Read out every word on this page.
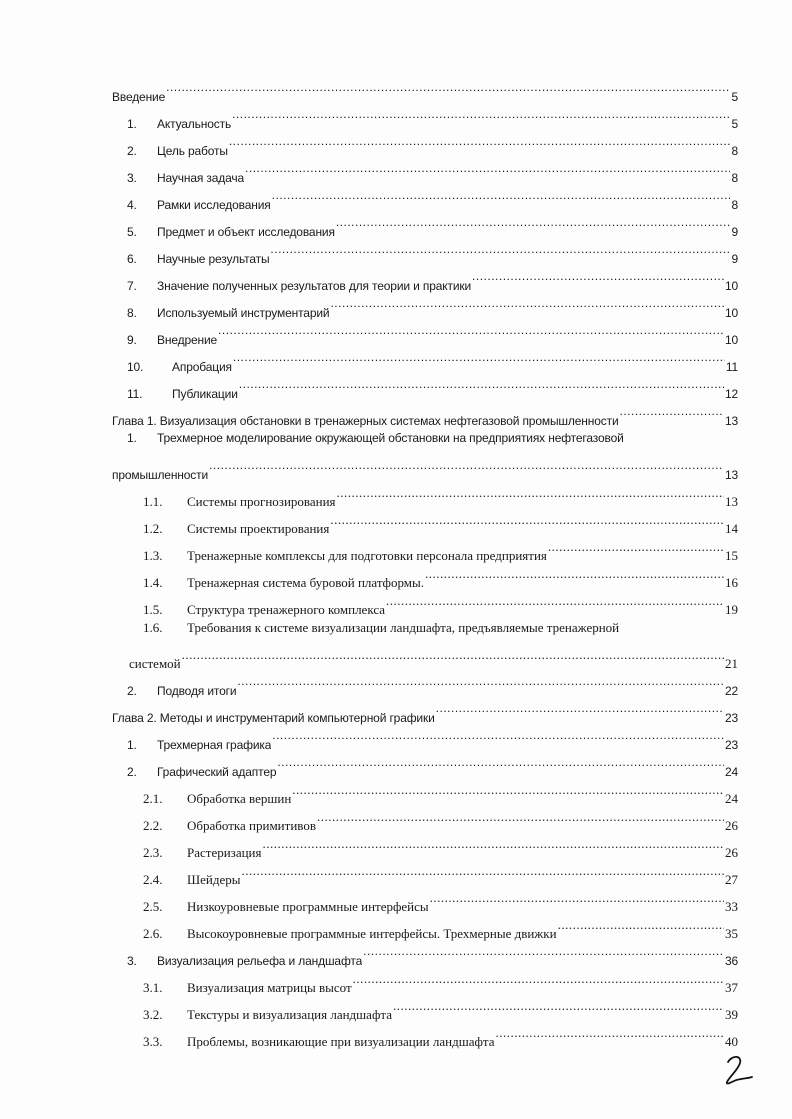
Введение .....	5
1.	Актуальность .....	5
2.	Цель работы .....	8
3.	Научная задача .....	8
4.	Рамки исследования .....	8
5.	Предмет и объект исследования .....	9
6.	Научные результаты .....	9
7.	Значение полученных результатов для теории и практики .....	10
8.	Используемый инструментарий .....	10
9.	Внедрение .....	10
10.	Апробация .....	11
11.	Публикации .....	12
Глава 1. Визуализация обстановки в тренажерных системах нефтегазовой промышленности .....	13
1.	Трехмерное моделирование окружающей обстановки на предприятиях нефтегазовой
промышленности .....	13
1.1.	Системы прогнозирования .....	13
1.2.	Системы проектирования .....	14
1.3.	Тренажерные комплексы для подготовки персонала предприятия .....	15
1.4.	Тренажерная система буровой платформы. .....	16
1.5.	Структура тренажерного комплекса .....	19
1.6.	Требования к системе визуализации ландшафта, предъявляемые тренажерной
системой .....	21
2.	Подводя итоги .....	22
Глава 2. Методы и инструментарий компьютерной графики .....	23
1.	Трехмерная графика .....	23
2.	Графический адаптер .....	24
2.1.	Обработка вершин .....	24
2.2.	Обработка примитивов .....	26
2.3.	Растеризация .....	26
2.4.	Шейдеры .....	27
2.5.	Низкоуровневые программные интерфейсы .....	33
2.6.	Высокоуровневые программные интерфейсы. Трехмерные движки .....	35
3.	Визуализация рельефа и ландшафта .....	36
3.1.	Визуализация матрицы высот .....	37
3.2.	Текстуры и визуализация ландшафта .....	39
3.3.	Проблемы, возникающие при визуализации ландшафта .....	40
